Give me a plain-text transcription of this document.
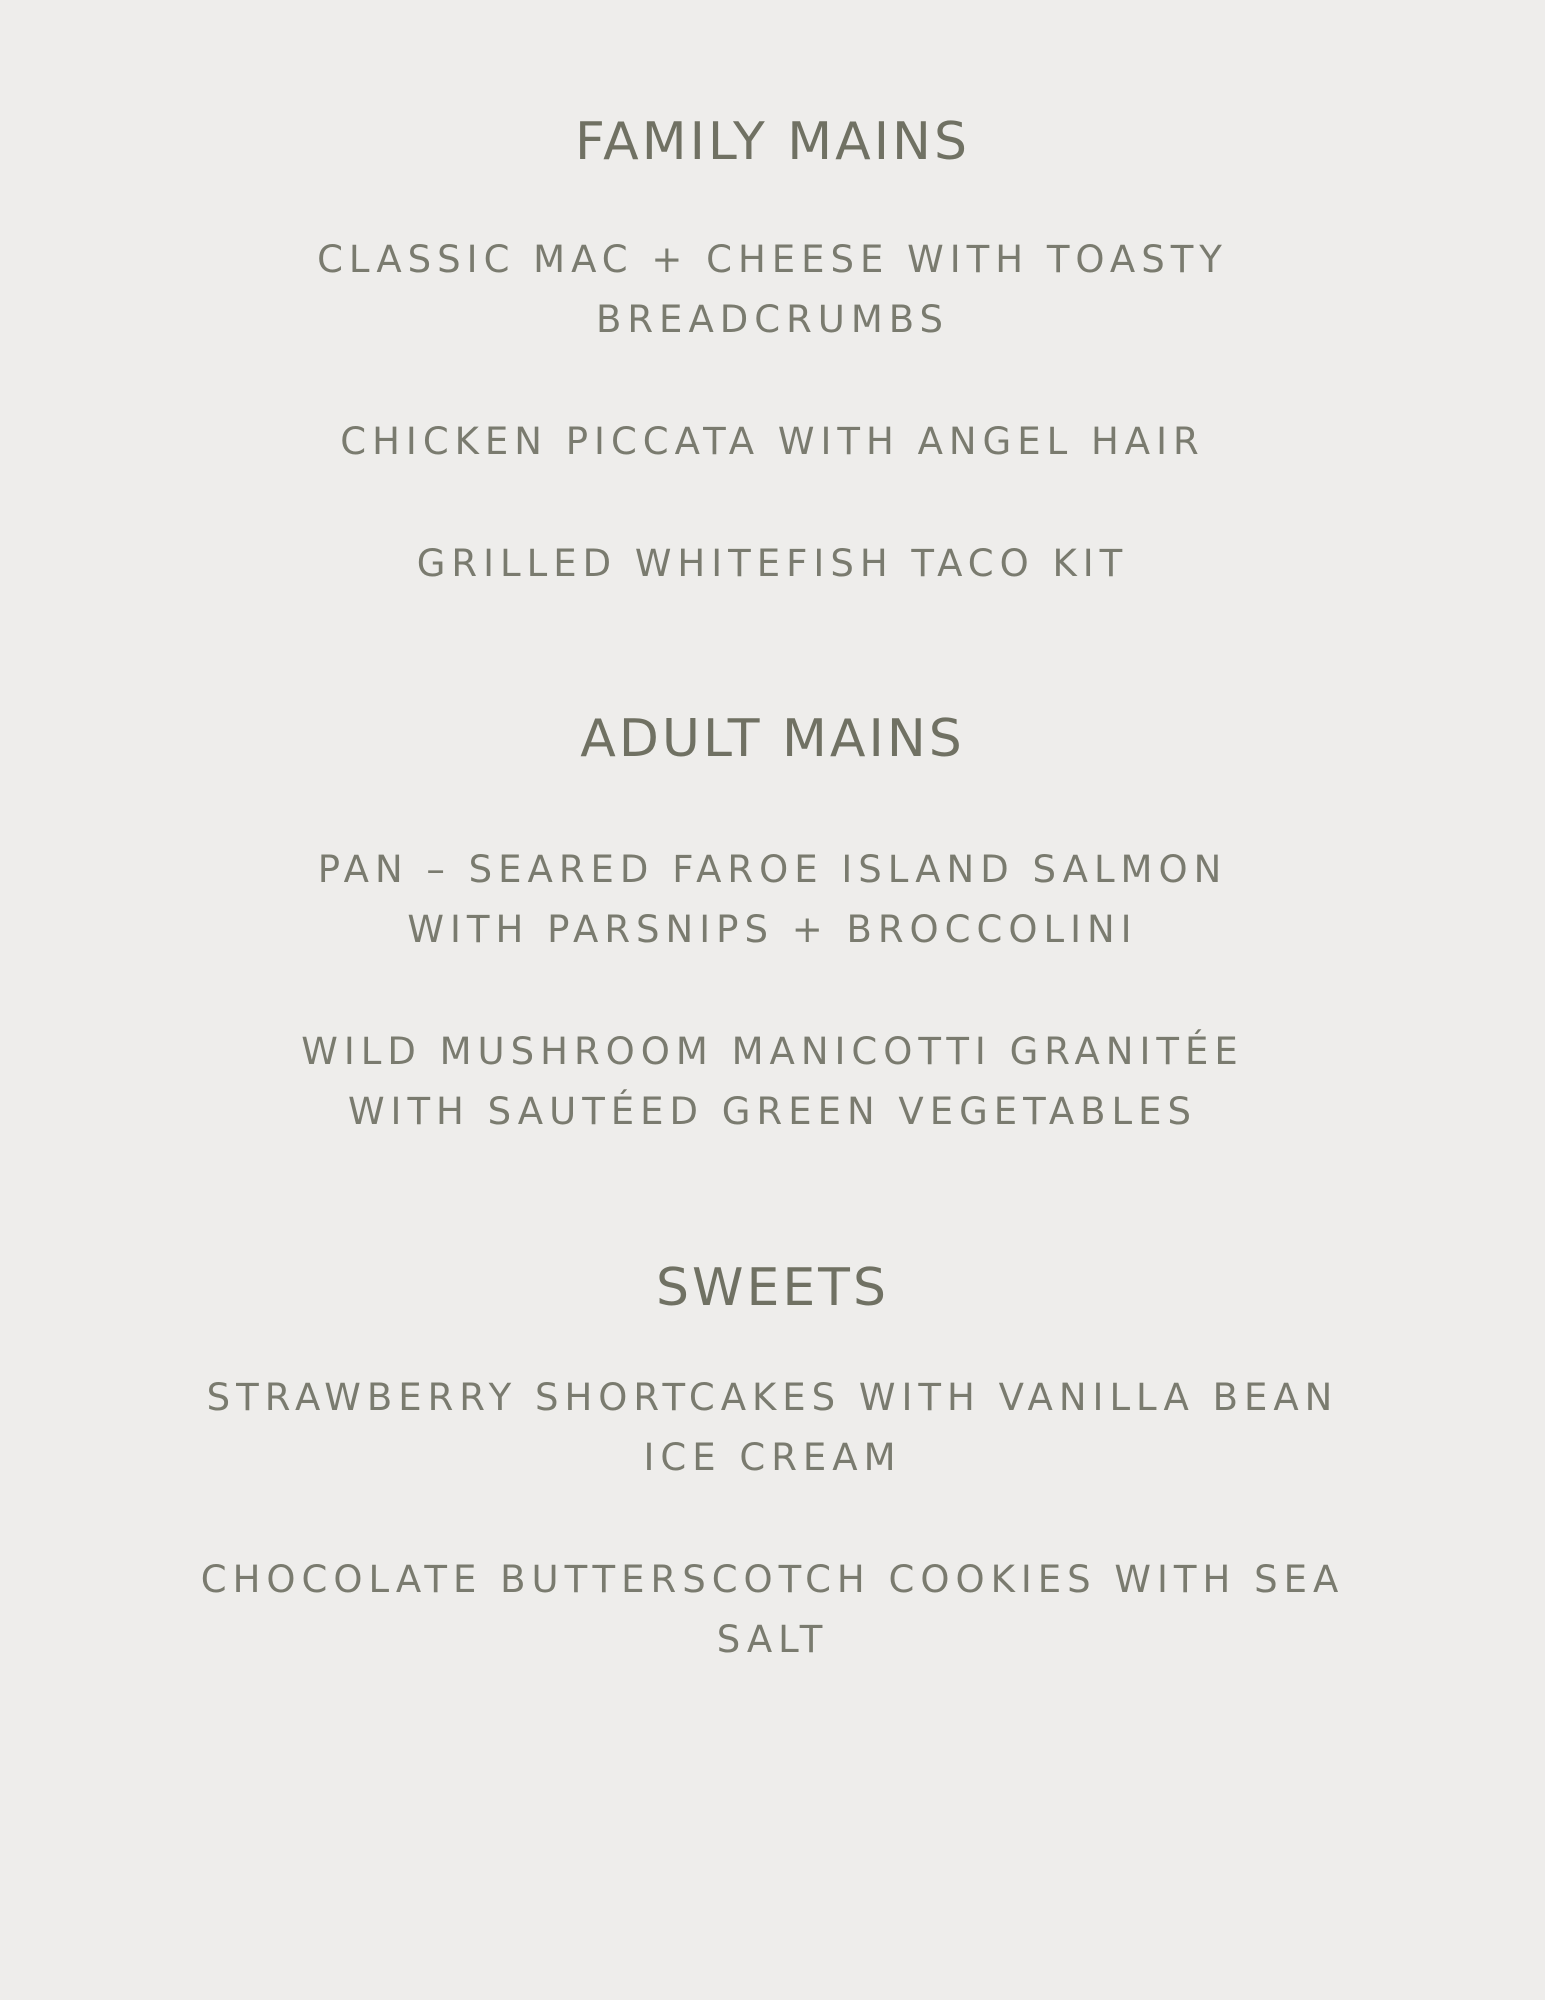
FAMILY MAINS

CLASSIC MAC + CHEESE WITH TOASTY
BREADCRUMBS

CHICKEN PICCATA WITH ANGEL HAIR

GRILLED WHITEFISH TACO KIT

ADULT MAINS

PAN – SEARED FAROE ISLAND SALMON
WITH PARSNIPS + BROCCOLINI

WILD MUSHROOM MANICOTTI GRANITÉE
WITH SAUTÉED GREEN VEGETABLES

SWEETS

STRAWBERRY SHORTCAKES WITH VANILLA BEAN
ICE CREAM

CHOCOLATE BUTTERSCOTCH COOKIES WITH SEA
SALT
